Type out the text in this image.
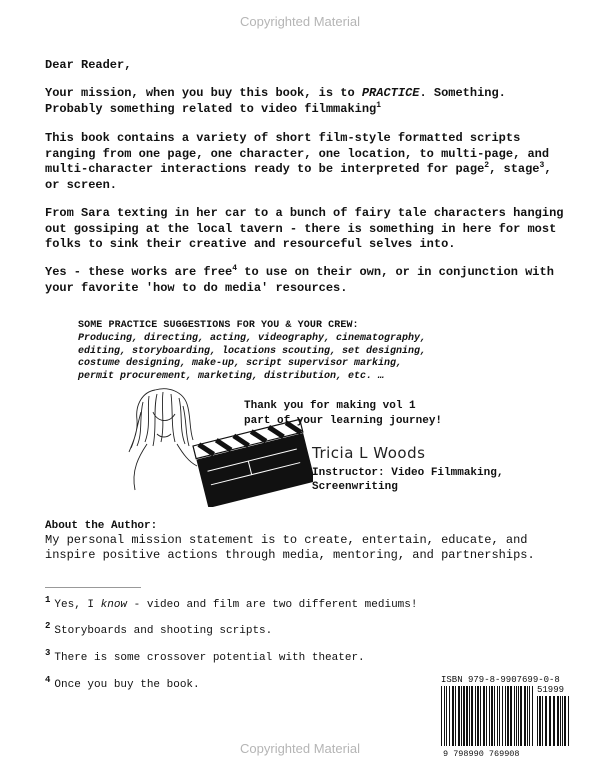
Copyrighted Material

Dear Reader,

Your mission, when you buy this book, is to PRACTICE. Something.
Probably something related to video filmmaking$^1$

This book contains a variety of short film-style formatted scripts ranging from one page, one character, one location, to multi-page, and multi-character interactions ready to be interpreted for page$^2$, stage$^3$, or screen.

From Sara texting in her car to a bunch of fairy tale characters hanging out gossiping at the local tavern - there is something in here for most folks to sink their creative and resourceful selves into.

Yes - these works are free$^4$ to use on their own, or in conjunction with your favorite 'how to do media' resources.

SOME PRACTICE SUGGESTIONS FOR YOU & YOUR CREW:
Producing, directing, acting, videography, cinematography,
editing, storyboarding, locations scouting, set designing,
costume designing, make-up, script supervisor marking,
permit procurement, marketing, distribution, etc. …
Thank you for making vol 1
part of your learning journey!
Tricia L Woods
Instructor: Video Filmmaking,
Screenwriting
About the Author:
My personal mission statement is to create, entertain, educate, and inspire positive actions through media, mentoring, and partnerships.
$^1$ Yes, I know - video and film are two different mediums!
$^2$ Storyboards and shooting scripts.
$^3$ There is some crossover potential with theater.
$^4$ Once you buy the book.	ISBN 979-8-9907699-0-8
51999
9 798990 769908
Copyrighted Material
